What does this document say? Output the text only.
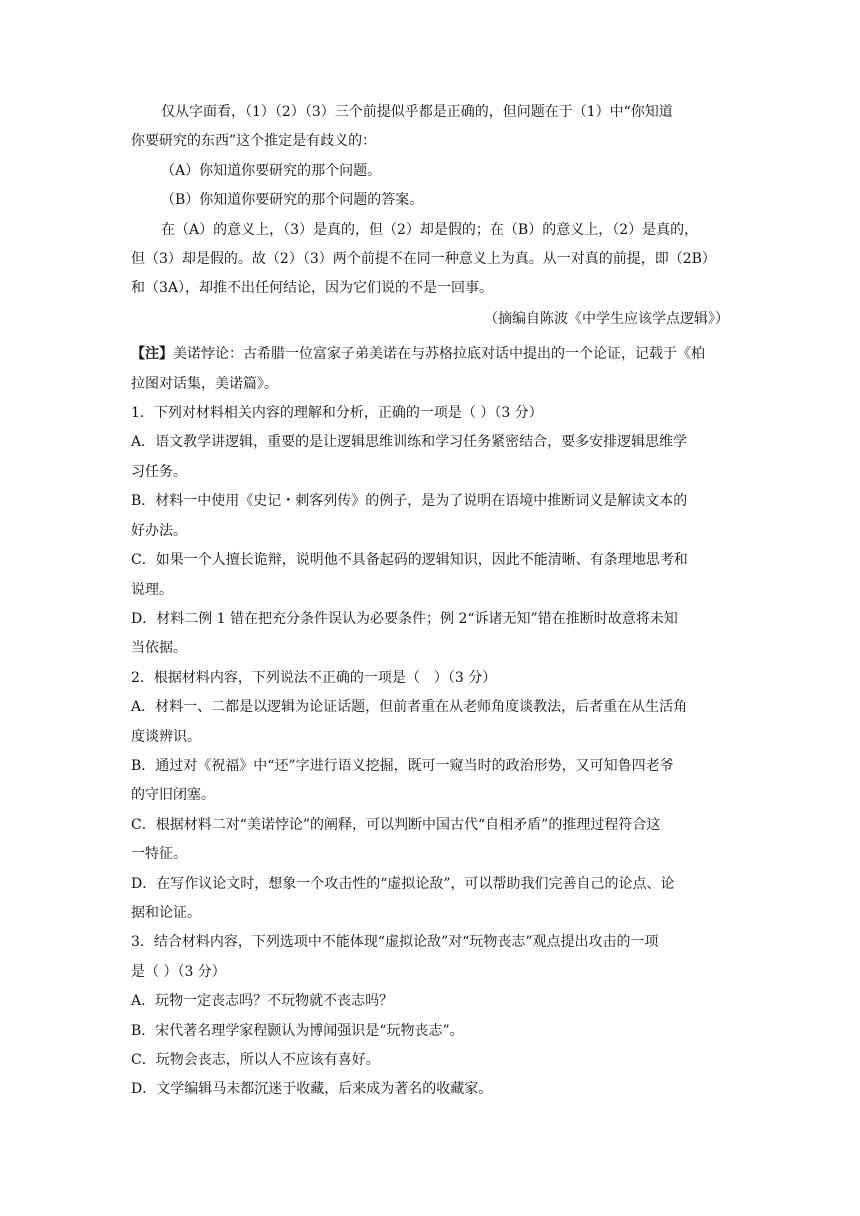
仅从字面看，（1）（2）（3）三个前提似乎都是正确的，但问题在于（1）中“你知道
你要研究的东西”这个推定是有歧义的：
（A）你知道你要研究的那个问题。
（B）你知道你要研究的那个问题的答案。
在（A）的意义上，（3）是真的，但（2）却是假的；在（B）的意义上，（2）是真的，
但（3）却是假的。故（2）（3）两个前提不在同一种意义上为真。从一对真的前提，即（2B）
和（3A），却推不出任何结论，因为它们说的不是一回事。
（摘编自陈波《中学生应该学点逻辑》）
【注】美诺悖论：古希腊一位富家子弟美诺在与苏格拉底对话中提出的一个论证，记载于《柏
拉图对话集，美诺篇》。
1．下列对材料相关内容的理解和分析，正确的一项是（ ）（3 分）
A．语文教学讲逻辑，重要的是让逻辑思维训练和学习任务紧密结合，要多安排逻辑思维学
习任务。
B．材料一中使用《史记・刺客列传》的例子，是为了说明在语境中推断词义是解读文本的
好办法。
C．如果一个人擅长诡辩，说明他不具备起码的逻辑知识，因此不能清晰、有条理地思考和
说理。
D．材料二例 1 错在把充分条件误认为必要条件；例 2“诉诸无知”错在推断时故意将未知
当依据。
2．根据材料内容，下列说法不正确的一项是（　）（3 分）
A．材料一、二都是以逻辑为论证话题，但前者重在从老师角度谈教法，后者重在从生活角
度谈辨识。
B．通过对《祝福》中“还”字进行语义挖掘，既可一窥当时的政治形势，又可知鲁四老爷
的守旧闭塞。
C．根据材料二对“美诺悖论”的阐释，可以判断中国古代“自相矛盾”的推理过程符合这
一特征。
D．在写作议论文时，想象一个攻击性的“虚拟论敌”，可以帮助我们完善自己的论点、论
据和论证。
3．结合材料内容，下列选项中不能体现“虚拟论敌”对“玩物丧志”观点提出攻击的一项
是（ ）（3 分）
A．玩物一定丧志吗？不玩物就不丧志吗？
B．宋代著名理学家程颢认为博闻强识是“玩物丧志”。
C．玩物会丧志，所以人不应该有喜好。
D．文学编辑马未都沉迷于收藏，后来成为著名的收藏家。
